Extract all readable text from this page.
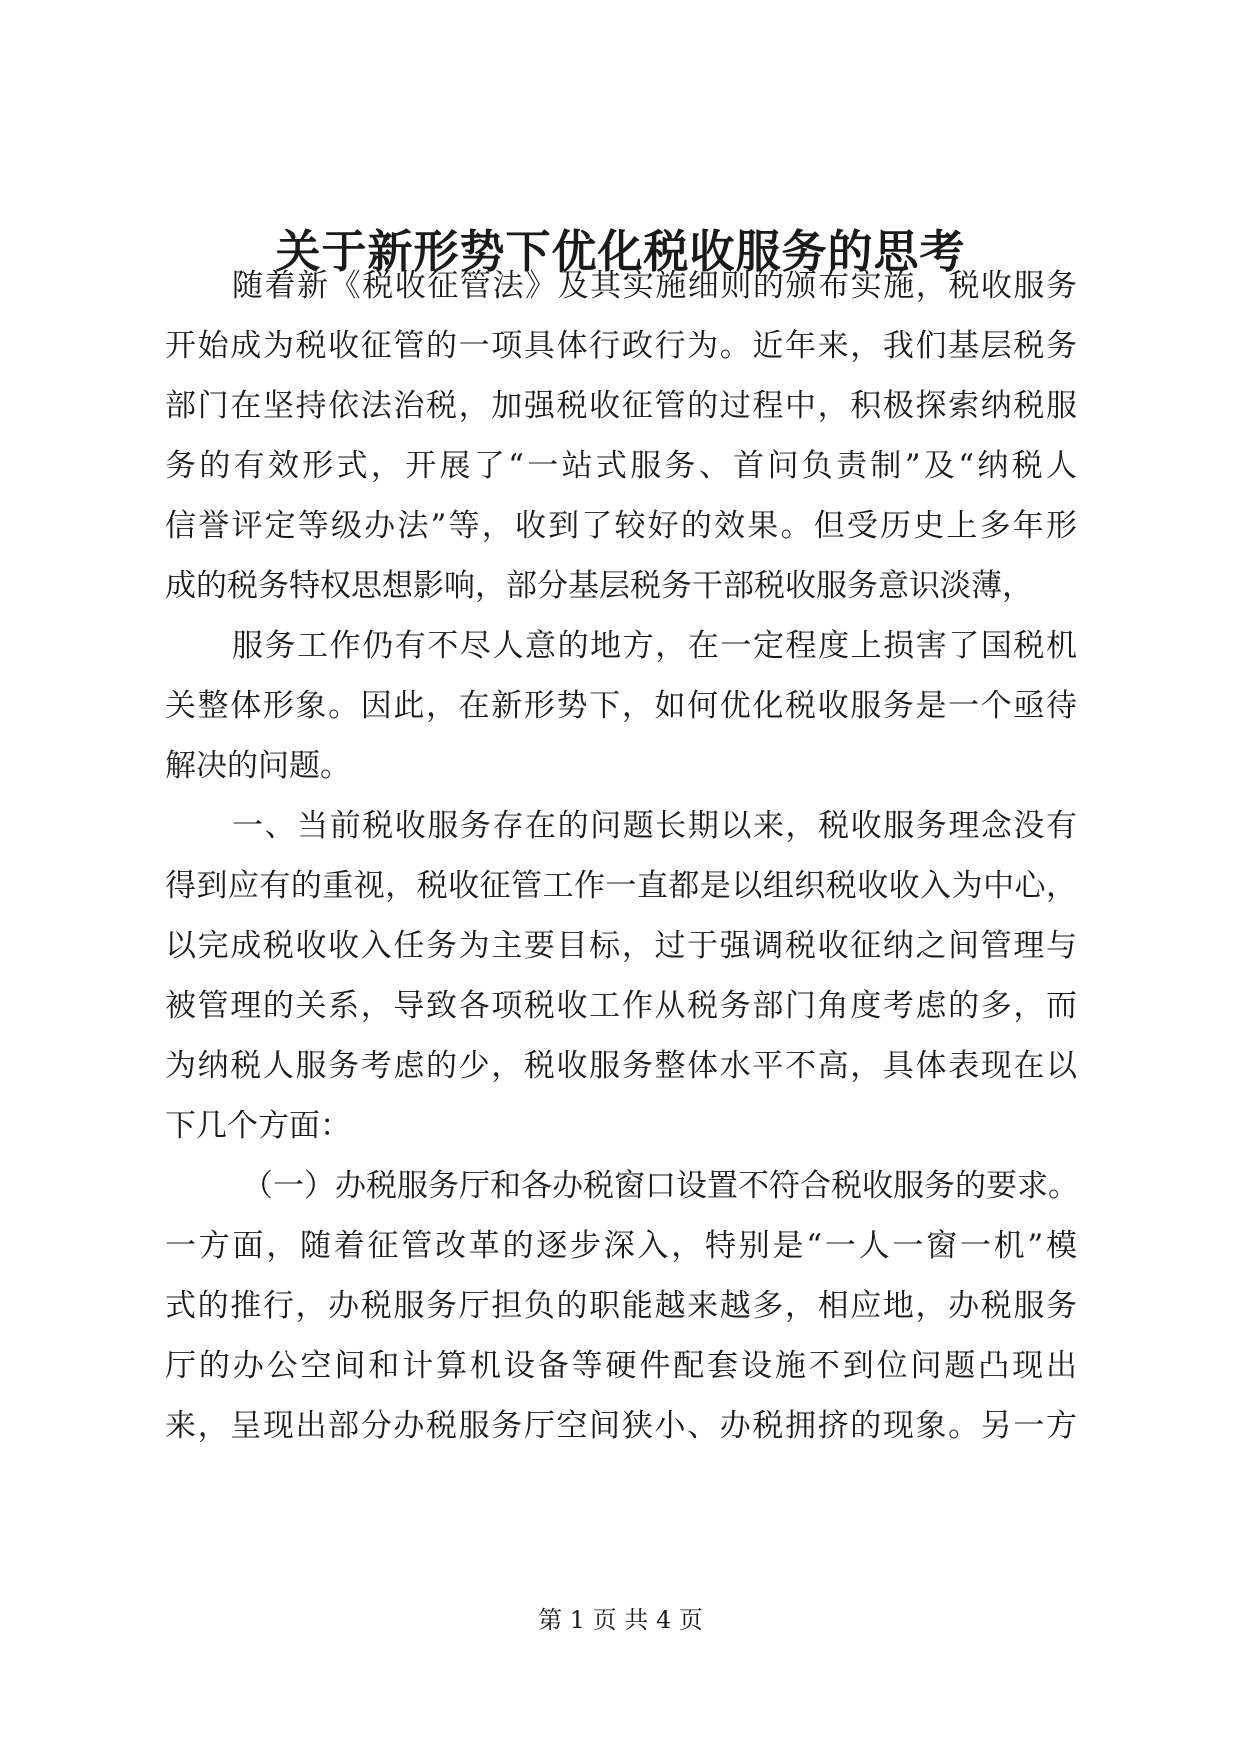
关于新形势下优化税收服务的思考

随着新《税收征管法》及其实施细则的颁布实施，税收服务

开始成为税收征管的一项具体行政行为。近年来，我们基层税务

部门在坚持依法治税，加强税收征管的过程中，积极探索纳税服

务的有效形式，开展了“一站式服务、首问负责制”及“纳税人

信誉评定等级办法”等，收到了较好的效果。但受历史上多年形

成的税务特权思想影响，部分基层税务干部税收服务意识淡薄，

服务工作仍有不尽人意的地方，在一定程度上损害了国税机

关整体形象。因此，在新形势下，如何优化税收服务是一个亟待

解决的问题。

一、当前税收服务存在的问题长期以来，税收服务理念没有

得到应有的重视，税收征管工作一直都是以组织税收收入为中心，

以完成税收收入任务为主要目标，过于强调税收征纳之间管理与

被管理的关系，导致各项税收工作从税务部门角度考虑的多，而

为纳税人服务考虑的少，税收服务整体水平不高，具体表现在以

下几个方面：

（一）办税服务厅和各办税窗口设置不符合税收服务的要求。

一方面，随着征管改革的逐步深入，特别是“一人一窗一机”模

式的推行，办税服务厅担负的职能越来越多，相应地，办税服务

厅的办公空间和计算机设备等硬件配套设施不到位问题凸现出

来，呈现出部分办税服务厅空间狭小、办税拥挤的现象。另一方

第 1 页 共 4 页
